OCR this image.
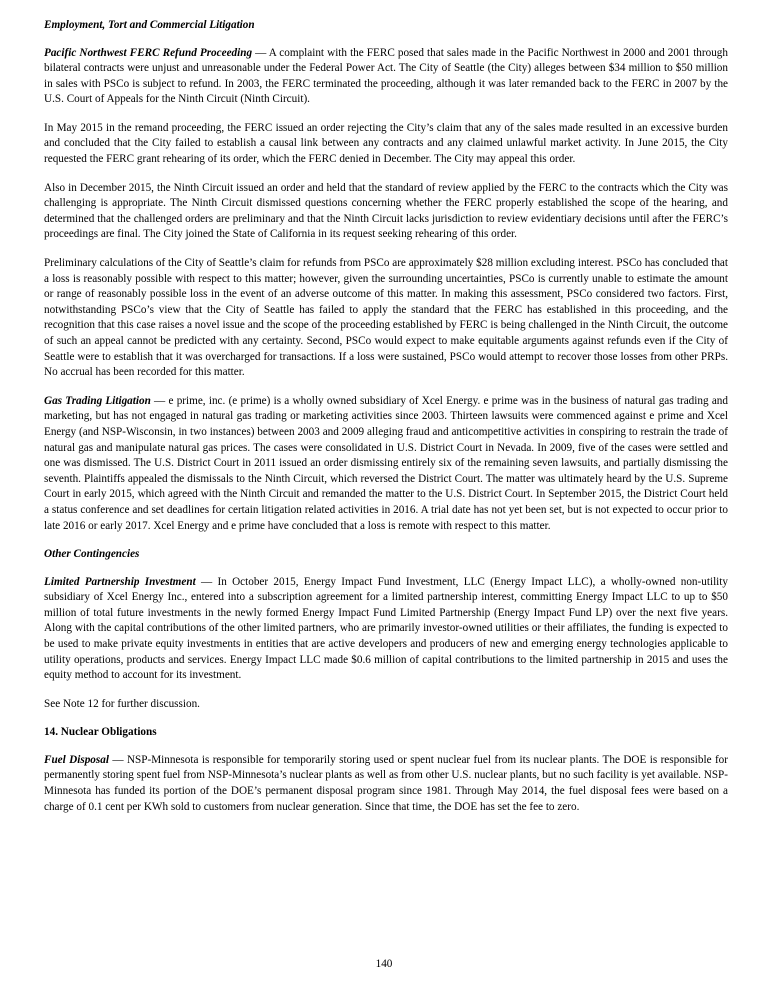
Employment, Tort and Commercial Litigation

Pacific Northwest FERC Refund Proceeding — A complaint with the FERC posed that sales made in the Pacific Northwest in 2000 and 2001 through bilateral contracts were unjust and unreasonable under the Federal Power Act. The City of Seattle (the City) alleges between $34 million to $50 million in sales with PSCo is subject to refund. In 2003, the FERC terminated the proceeding, although it was later remanded back to the FERC in 2007 by the U.S. Court of Appeals for the Ninth Circuit (Ninth Circuit).

In May 2015 in the remand proceeding, the FERC issued an order rejecting the City’s claim that any of the sales made resulted in an excessive burden and concluded that the City failed to establish a causal link between any contracts and any claimed unlawful market activity. In June 2015, the City requested the FERC grant rehearing of its order, which the FERC denied in December. The City may appeal this order.

Also in December 2015, the Ninth Circuit issued an order and held that the standard of review applied by the FERC to the contracts which the City was challenging is appropriate. The Ninth Circuit dismissed questions concerning whether the FERC properly established the scope of the hearing, and determined that the challenged orders are preliminary and that the Ninth Circuit lacks jurisdiction to review evidentiary decisions until after the FERC’s proceedings are final. The City joined the State of California in its request seeking rehearing of this order.

Preliminary calculations of the City of Seattle’s claim for refunds from PSCo are approximately $28 million excluding interest. PSCo has concluded that a loss is reasonably possible with respect to this matter; however, given the surrounding uncertainties, PSCo is currently unable to estimate the amount or range of reasonably possible loss in the event of an adverse outcome of this matter. In making this assessment, PSCo considered two factors. First, notwithstanding PSCo’s view that the City of Seattle has failed to apply the standard that the FERC has established in this proceeding, and the recognition that this case raises a novel issue and the scope of the proceeding established by FERC is being challenged in the Ninth Circuit, the outcome of such an appeal cannot be predicted with any certainty. Second, PSCo would expect to make equitable arguments against refunds even if the City of Seattle were to establish that it was overcharged for transactions. If a loss were sustained, PSCo would attempt to recover those losses from other PRPs. No accrual has been recorded for this matter.

Gas Trading Litigation — e prime, inc. (e prime) is a wholly owned subsidiary of Xcel Energy. e prime was in the business of natural gas trading and marketing, but has not engaged in natural gas trading or marketing activities since 2003. Thirteen lawsuits were commenced against e prime and Xcel Energy (and NSP-Wisconsin, in two instances) between 2003 and 2009 alleging fraud and anticompetitive activities in conspiring to restrain the trade of natural gas and manipulate natural gas prices. The cases were consolidated in U.S. District Court in Nevada. In 2009, five of the cases were settled and one was dismissed. The U.S. District Court in 2011 issued an order dismissing entirely six of the remaining seven lawsuits, and partially dismissing the seventh. Plaintiffs appealed the dismissals to the Ninth Circuit, which reversed the District Court. The matter was ultimately heard by the U.S. Supreme Court in early 2015, which agreed with the Ninth Circuit and remanded the matter to the U.S. District Court. In September 2015, the District Court held a status conference and set deadlines for certain litigation related activities in 2016. A trial date has not yet been set, but is not expected to occur prior to late 2016 or early 2017. Xcel Energy and e prime have concluded that a loss is remote with respect to this matter.

Other Contingencies

Limited Partnership Investment — In October 2015, Energy Impact Fund Investment, LLC (Energy Impact LLC), a wholly-owned non-utility subsidiary of Xcel Energy Inc., entered into a subscription agreement for a limited partnership interest, committing Energy Impact LLC to up to $50 million of total future investments in the newly formed Energy Impact Fund Limited Partnership (Energy Impact Fund LP) over the next five years. Along with the capital contributions of the other limited partners, who are primarily investor-owned utilities or their affiliates, the funding is expected to be used to make private equity investments in entities that are active developers and producers of new and emerging energy technologies applicable to utility operations, products and services. Energy Impact LLC made $0.6 million of capital contributions to the limited partnership in 2015 and uses the equity method to account for its investment.

See Note 12 for further discussion.

14. Nuclear Obligations

Fuel Disposal — NSP-Minnesota is responsible for temporarily storing used or spent nuclear fuel from its nuclear plants. The DOE is responsible for permanently storing spent fuel from NSP-Minnesota’s nuclear plants as well as from other U.S. nuclear plants, but no such facility is yet available. NSP-Minnesota has funded its portion of the DOE’s permanent disposal program since 1981. Through May 2014, the fuel disposal fees were based on a charge of 0.1 cent per KWh sold to customers from nuclear generation. Since that time, the DOE has set the fee to zero.

140
